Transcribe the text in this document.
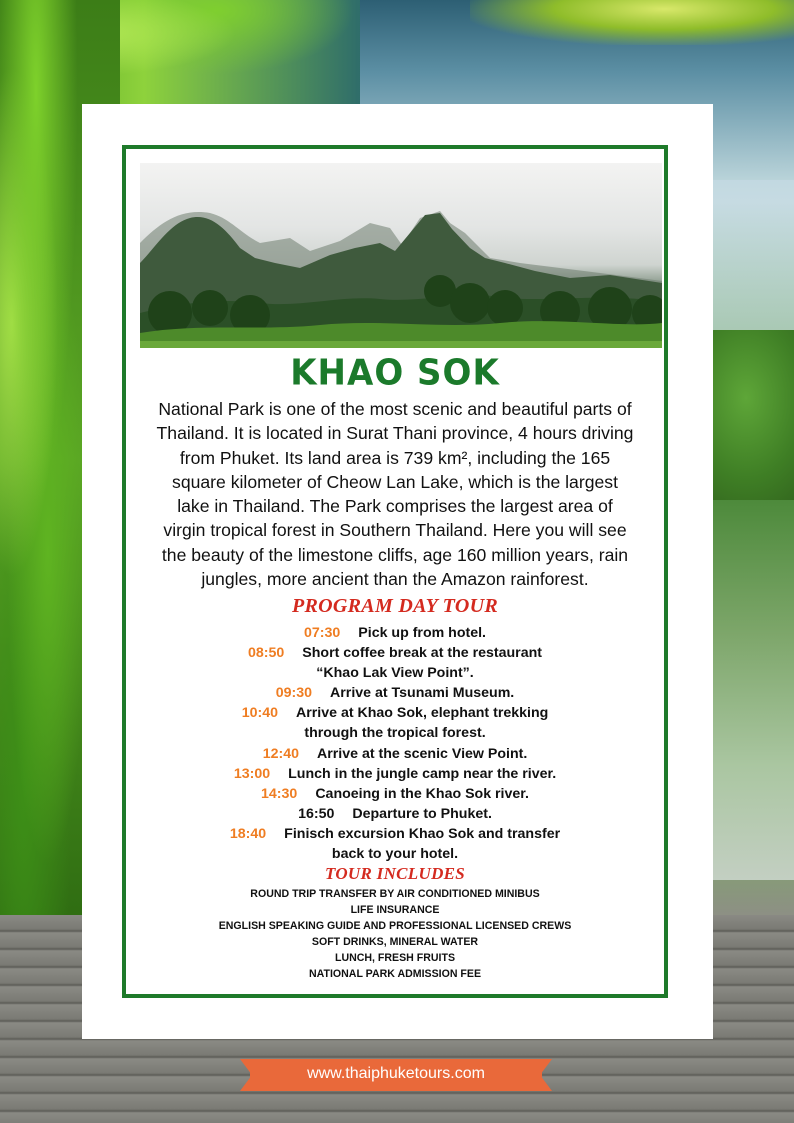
KHAO SOK
National Park is one of the most scenic and beautiful parts of
Thailand. It is located in Surat Thani province, 4 hours driving
from Phuket. Its land area is 739 km², including the 165
square kilometer of Cheow Lan Lake, which is the largest
lake in Thailand. The Park comprises the largest area of
virgin tropical forest in Southern Thailand. Here you will see
the beauty of the limestone cliffs, age 160 million years, rain
jungles, more ancient than the Amazon rainforest.
PROGRAM DAY TOUR
07:30 Pick up from hotel.
08:50 Short coffee break at the restaurant
“Khao Lak View Point”.
09:30 Arrive at Tsunami Museum.
10:40 Arrive at Khao Sok, elephant trekking
through the tropical forest.
12:40 Arrive at the scenic View Point.
13:00 Lunch in the jungle camp near the river.
14:30 Canoeing in the Khao Sok river.
16:50 Departure to Phuket.
18:40 Finisch excursion Khao Sok and transfer
back to your hotel.
TOUR INCLUDES
ROUND TRIP TRANSFER BY AIR CONDITIONED MINIBUS
LIFE INSURANCE
ENGLISH SPEAKING GUIDE AND PROFESSIONAL LICENSED CREWS
SOFT DRINKS, MINERAL WATER
LUNCH, FRESH FRUITS
NATIONAL PARK ADMISSION FEE
www.thaiphuketours.com
